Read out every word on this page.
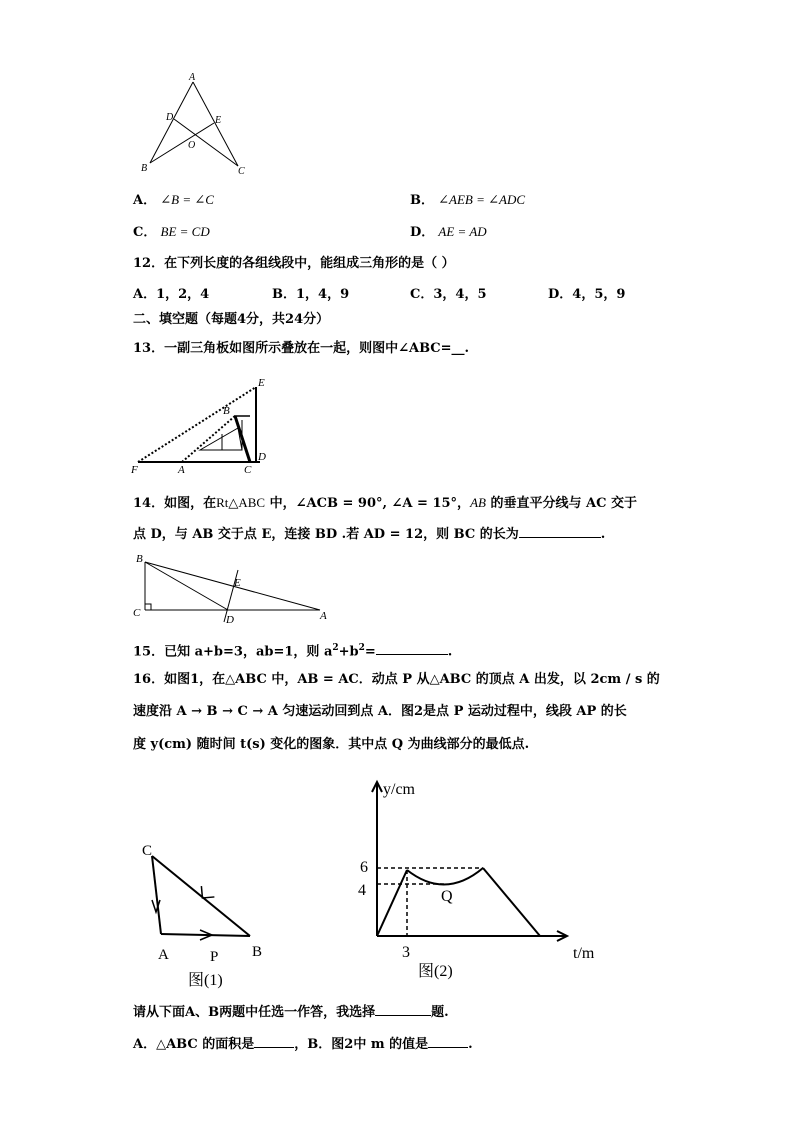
A
D	E
O
B	C
A． ∠B = ∠C	B． ∠AEB = ∠ADC
C． BE = CD	D． AE = AD
12．在下列长度的各组线段中，能组成三角形的是（ ）
A．1，2，4	B．1，4，9	C．3，4，5	D．4，5，9
二、填空题（每题4分，共24分）
13．一副三角板如图所示叠放在一起，则图中∠ABC=__.
E
B
F	A	C
D
14．如图，在Rt△ABC 中，∠ACB = 90°, ∠A = 15°，AB 的垂直平分线与 AC 交于
点 D，与 AB 交于点 E，连接 BD .若 AD = 12，则 BC 的长为	.
B
E
C
D	A
15．已知 a+b=3，ab=1，则 $a^2+b^2=$	.
16．如图1，在△ABC 中，AB = AC．动点 P 从△ABC 的顶点 A 出发，以 2cm / s 的
速度沿 A → B → C → A 匀速运动回到点 A．图2是点 P 运动过程中，线段 AP 的长
度 y(cm) 随时间 t(s) 变化的图象．其中点 Q 为曲线部分的最低点.
C
A	P B
图(1)
y/cm
t/m
6
4
3
Q
图(2)
请从下面A、B两题中任选一作答，我选择	题.
A．△ABC 的面积是	，B．图2中 m 的值是	.
